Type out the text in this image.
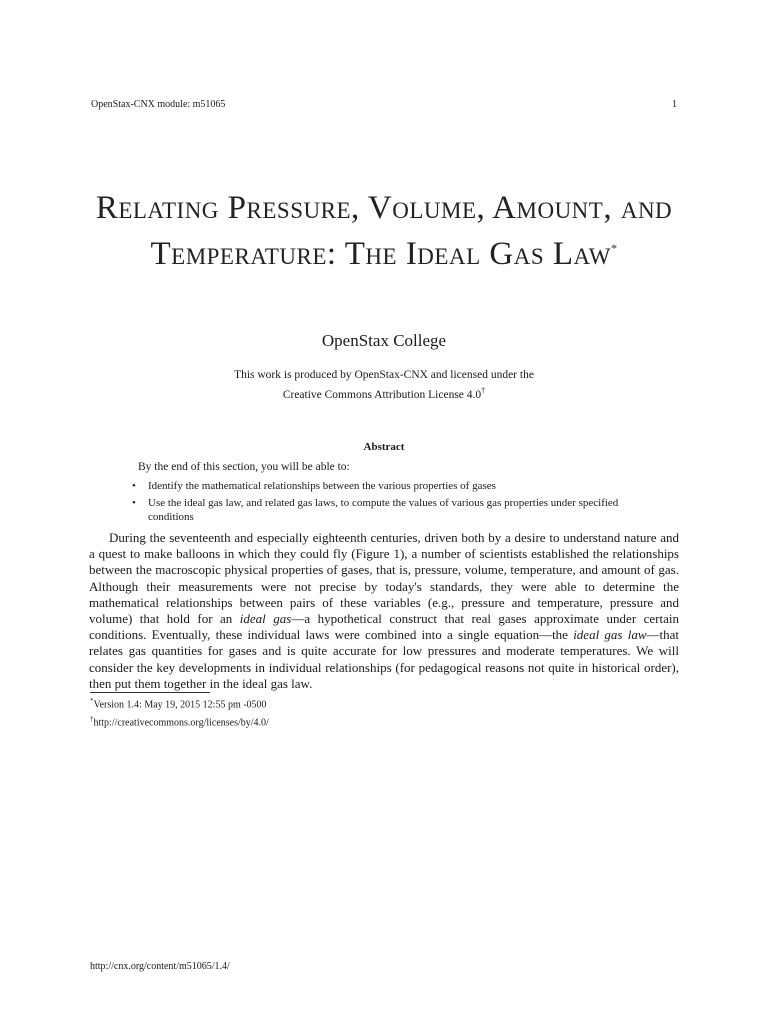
OpenStax-CNX module: m51065	1
Relating Pressure, Volume, Amount, and Temperature: The Ideal Gas Law*
OpenStax College
This work is produced by OpenStax-CNX and licensed under the
Creative Commons Attribution License 4.0†
Abstract
By the end of this section, you will be able to:
• Identify the mathematical relationships between the various properties of gases
• Use the ideal gas law, and related gas laws, to compute the values of various gas properties under specified conditions

During the seventeenth and especially eighteenth centuries, driven both by a desire to understand nature and a quest to make balloons in which they could fly (Figure 1), a number of scientists established the relationships between the macroscopic physical properties of gases, that is, pressure, volume, temperature, and amount of gas. Although their measurements were not precise by today's standards, they were able to determine the mathematical relationships between pairs of these variables (e.g., pressure and temperature, pressure and volume) that hold for an ideal gas—a hypothetical construct that real gases approximate under certain conditions. Eventually, these individual laws were combined into a single equation—the ideal gas law—that relates gas quantities for gases and is quite accurate for low pressures and moderate temperatures. We will consider the key developments in individual relationships (for pedagogical reasons not quite in historical order), then put them together in the ideal gas law.

*Version 1.4: May 19, 2015 12:55 pm -0500
†http://creativecommons.org/licenses/by/4.0/
http://cnx.org/content/m51065/1.4/
